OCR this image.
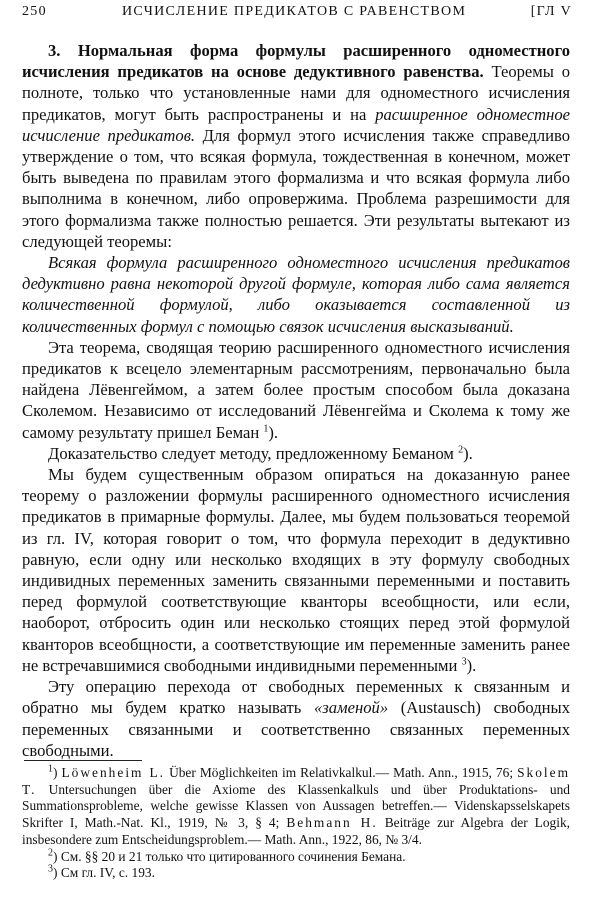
250	ИСЧИСЛЕНИЕ ПРЕДИКАТОВ С РАВЕНСТВОМ	[ГЛ V

3. Нормальная форма формулы расширенного одноместного исчисления предикатов на основе дедуктивного равенства. Теоремы о полноте, только что установленные нами для одноместного исчисления предикатов, могут быть распространены и на расширенное одноместное исчисление предикатов. Для формул этого исчисления также справедливо утверждение о том, что всякая формула, тождественная в конечном, может быть выведена по правилам этого формализма и что всякая формула либо выполнима в конечном, либо опровержима. Проблема разрешимости для этого формализма также полностью решается. Эти результаты вытекают из следующей теоремы:

Всякая формула расширенного одноместного исчисления предикатов дедуктивно равна некоторой другой формуле, которая либо сама является количественной формулой, либо оказывается составленной из количественных формул с помощью связок исчисления высказываний.

Эта теорема, сводящая теорию расширенного одноместного исчисления предикатов к всецело элементарным рассмотрениям, первоначально была найдена Лёвенгеймом, а затем более простым способом была доказана Сколемом. Независимо от исследований Лёвенгейма и Сколема к тому же самому результату пришел Беман $^1$).

Доказательство следует методу, предложенному Беманом $^2$).

Мы будем существенным образом опираться на доказанную ранее теорему о разложении формулы расширенного одноместного исчисления предикатов в примарные формулы. Далее, мы будем пользоваться теоремой из гл. IV, которая говорит о том, что формула переходит в дедуктивно равную, если одну или несколько входящих в эту формулу свободных индивидных переменных заменить связанными переменными и поставить перед формулой соответствующие кванторы всеобщности, или если, наоборот, отбросить один или несколько стоящих перед этой формулой кванторов всеобщности, а соответствующие им переменные заменить ранее не встречавшимися свободными индивидными переменными $^3$).

Эту операцию перехода от свободных переменных к связанным и обратно мы будем кратко называть «заменой» (Austausch) свободных переменных связанными и соответственно связанных переменных свободными.

$^1$) Löwenheim L. Über Möglichkeiten im Relativkalkul.— Math. Ann., 1915, 76; Skolem T. Untersuchungen über die Axiome des Klassenkalkuls und über Produktations- und Summationsprobleme, welche gewisse Klassen von Aussagen betreffen.— Videnskapsselskapets Skrifter I, Math.-Nat. Kl., 1919, № 3, § 4; Behmann H. Beiträge zur Algebra der Logik, insbesondere zum Entscheidungsproblem.— Math. Ann., 1922, 86, № 3/4.

$^2$) См. §§ 20 и 21 только что цитированного сочинения Бемана.

$^3$) См гл. IV, с. 193.
